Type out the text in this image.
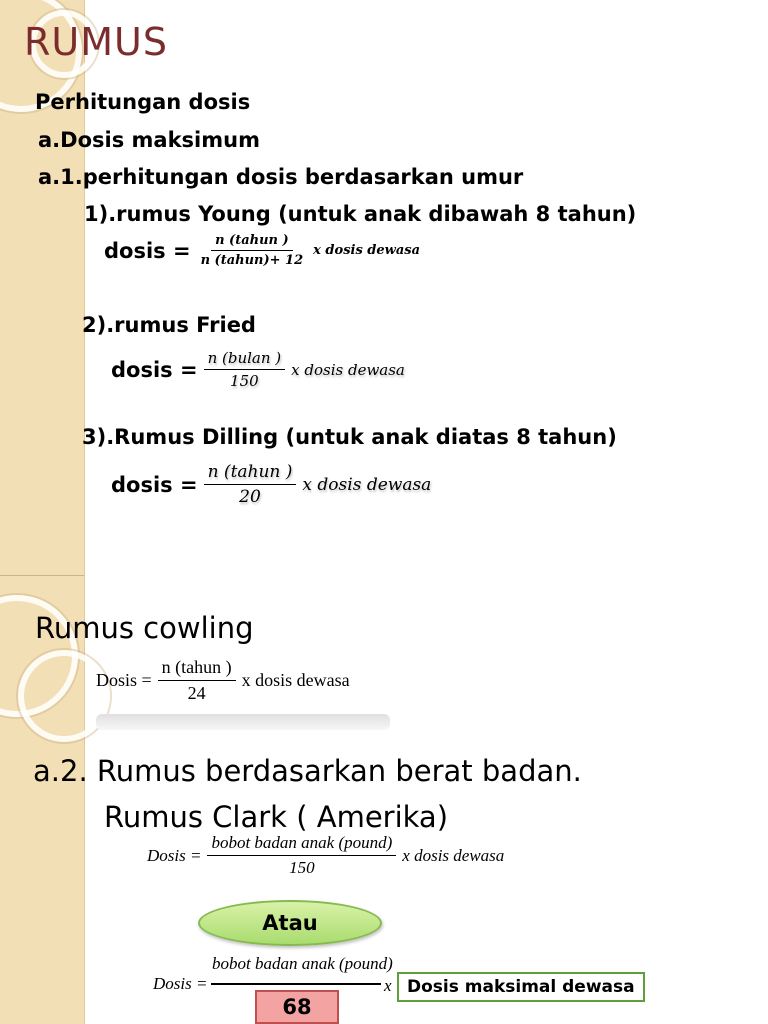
RUMUS
Perhitungan dosis
a.Dosis maksimum
a.1.perhitungan dosis berdasarkan umur
1).rumus Young (untuk anak dibawah 8 tahun)
dosis = $\frac{\text{n (tahun )}}{\text{n (tahun)+ 12}}$ x dosis dewasa
2).rumus Fried
dosis = $\frac{\text{n (bulan )}}{150}$ x dosis dewasa
3).Rumus Dilling (untuk anak diatas 8 tahun)
dosis = $\frac{\text{n (tahun )}}{20}$ x dosis dewasa
Rumus cowling
Dosis = $\frac{\text{n (tahun )}}{24}$ x dosis dewasa
a.2. Rumus berdasarkan berat badan.
Rumus Clark ( Amerika)
Dosis = $\frac{\text{bobot badan anak (pound)}}{150}$ x dosis dewasa
Atau
Dosis =
bobot badan anak (pound)
68
x Dosis maksimal dewasa
